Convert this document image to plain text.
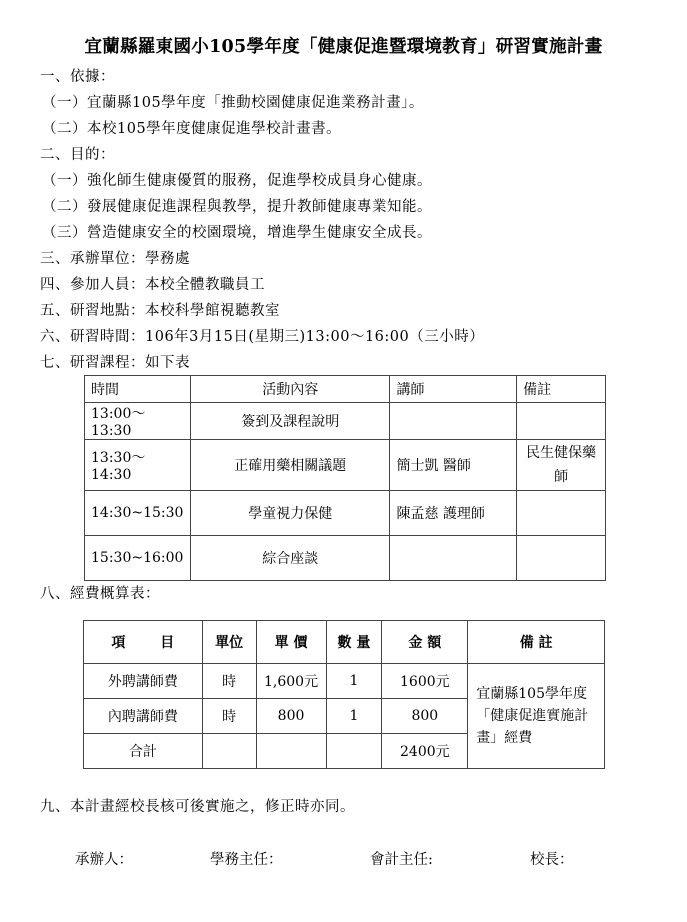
宜蘭縣羅東國小105學年度「健康促進暨環境教育」研習實施計畫
一、依據：
（一）宜蘭縣105學年度「推動校園健康促進業務計畫」。
（二）本校105學年度健康促進學校計畫書。
二、目的：
（一）強化師生健康優質的服務，促進學校成員身心健康。
（二）發展健康促進課程與教學，提升教師健康專業知能。
（三）營造健康安全的校園環境，增進學生健康安全成長。
三、承辦單位：學務處
四、參加人員：本校全體教職員工
五、研習地點：本校科學館視聽教室
六、研習時間：106年3月15日(星期三)13:00～16:00（三小時）
七、研習課程：如下表
時間	活動內容	講師	備註
13:00～13:30	簽到及課程說明		
13:30～14:30	正確用藥相關議題	簡士凱 醫師	民生健保藥師
14:30~15:30	學童視力保健	陳孟慈 護理師	
15:30~16:00	綜合座談		
八、經費概算表：
項 目	單位	單 價	數 量	金 額	備 註
外聘講師費	時	1,600元	1	1600元	宜蘭縣105學年度「健康促進實施計畫」經費
內聘講師費	時	800	1	800	
合計				2400元	
九、本計畫經校長核可後實施之，修正時亦同。
承辦人：	學務主任：	會計主任:	校長：
